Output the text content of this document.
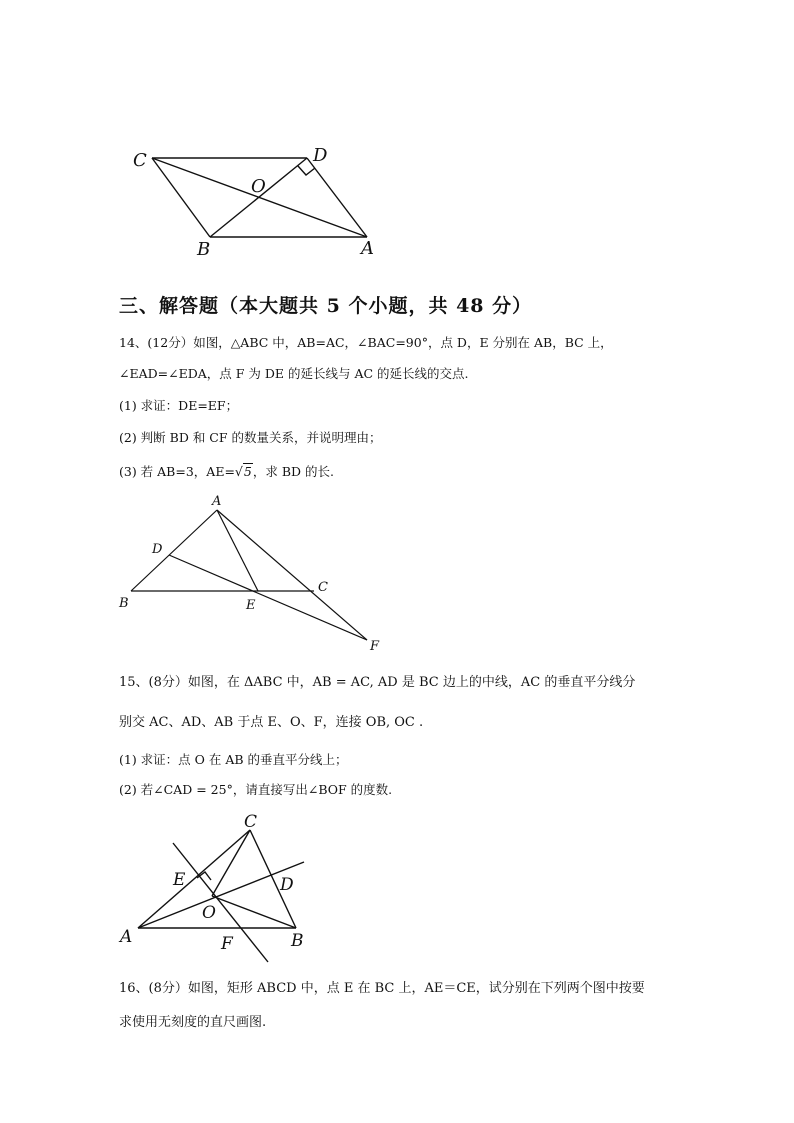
C	D
O
B	A
三、解答题（本大题共 5 个小题，共 48 分）
14、(12分）如图，△ABC 中，AB=AC，∠BAC=90°，点 D，E 分别在 AB，BC 上，
∠EAD=∠EDA，点 F 为 DE 的延长线与 AC 的延长线的交点.
(1) 求证：DE=EF；
(2) 判断 BD 和 CF 的数量关系，并说明理由；
(3) 若 AB=3，AE=√5，求 BD 的长.
A
D
C
B	E
F
15、(8分）如图，在 ΔABC 中，AB = AC, AD 是 BC 边上的中线，AC 的垂直平分线分
别交 AC、AD、AB 于点 E、O、F，连接 OB, OC .
(1) 求证：点 O 在 AB 的垂直平分线上；
(2) 若∠CAD = 25°，请直接写出∠BOF 的度数.
C
E	D
O
A	F	B
16、(8分）如图，矩形 ABCD 中，点 E 在 BC 上，AE＝CE，试分别在下列两个图中按要
求使用无刻度的直尺画图.
